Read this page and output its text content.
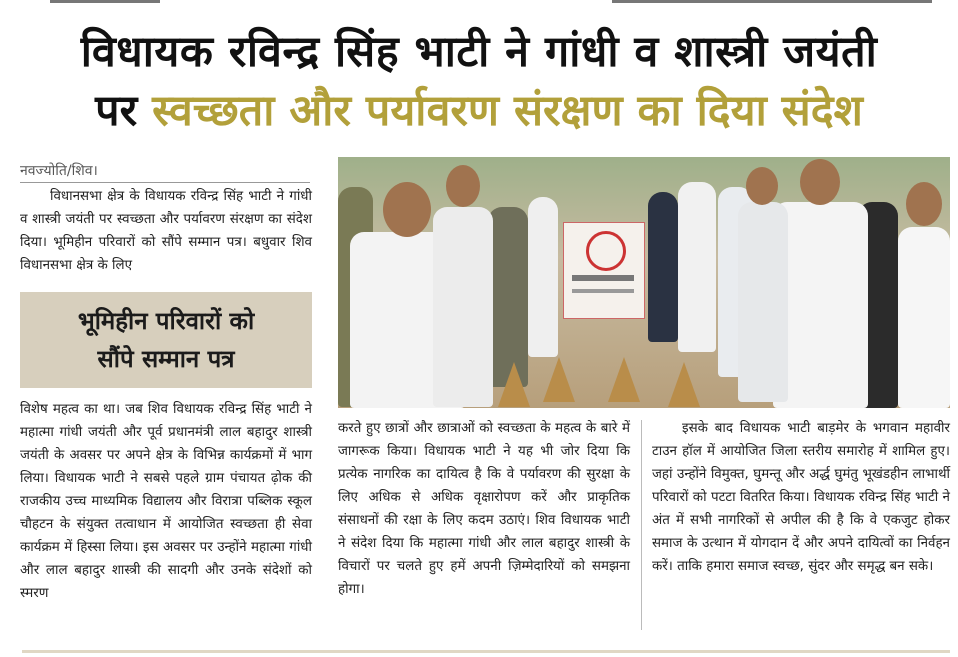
विधायक रविन्द्र सिंह भाटी ने गांधी व शास्त्री जयंती
पर स्वच्छता और पर्यावरण संरक्षण का दिया संदेश
नवज्योति/शिव।
विधानसभा क्षेत्र के विधायक रविन्द्र सिंह भाटी ने गांधी व शास्त्री जयंती पर स्वच्छता और पर्यावरण संरक्षण का संदेश दिया। भूमिहीन परिवारों को सौंपे सम्मान पत्र। बधुवार शिव विधानसभा क्षेत्र के लिए
भूमिहीन परिवारों को
सौंपे सम्मान पत्र
विशेष महत्व का था। जब शिव विधायक रविन्द्र सिंह भाटी ने महात्मा गांधी जयंती और पूर्व प्रधानमंत्री लाल बहादुर शास्त्री जयंती के अवसर पर अपने क्षेत्र के विभिन्न कार्यक्रमों में भाग लिया। विधायक भाटी ने सबसे पहले ग्राम पंचायत ढ़ोक की राजकीय उच्च माध्यमिक विद्यालय और विरात्रा पब्लिक स्कूल चौहटन के संयुक्त तत्वाधान में आयोजित स्वच्छता ही सेवा कार्यक्रम में हिस्सा लिया। इस अवसर पर उन्होंने महात्मा गांधी और लाल बहादुर शास्त्री की सादगी और उनके संदेशों को स्मरण
करते हुए छात्रों और छात्राओं को स्वच्छता के महत्व के बारे में जागरूक किया। विधायक भाटी ने यह भी जोर दिया कि प्रत्येक नागरिक का दायित्व है कि वे पर्यावरण की सुरक्षा के लिए अधिक से अधिक वृक्षारोपण करें और प्राकृतिक संसाधनों की रक्षा के लिए कदम उठाएं। शिव विधायक भाटी ने संदेश दिया कि महात्मा गांधी और लाल बहादुर शास्त्री के विचारों पर चलते हुए हमें अपनी ज़िम्मेदारियों को समझना होगा।
इसके बाद विधायक भाटी बाड़मेर के भगवान महावीर टाउन हॉल में आयोजित जिला स्तरीय समारोह में शामिल हुए। जहां उन्होंने विमुक्त, घुमन्तू और अर्द्ध घुमंतु भूखंडहीन लाभार्थी परिवारों को पटटा वितरित किया। विधायक रविन्द्र सिंह भाटी ने अंत में सभी नागरिकों से अपील की है कि वे एकजुट होकर समाज के उत्थान में योगदान दें और अपने दायित्वों का निर्वहन करें। ताकि हमारा समाज स्वच्छ, सुंदर और समृद्ध बन सके।
